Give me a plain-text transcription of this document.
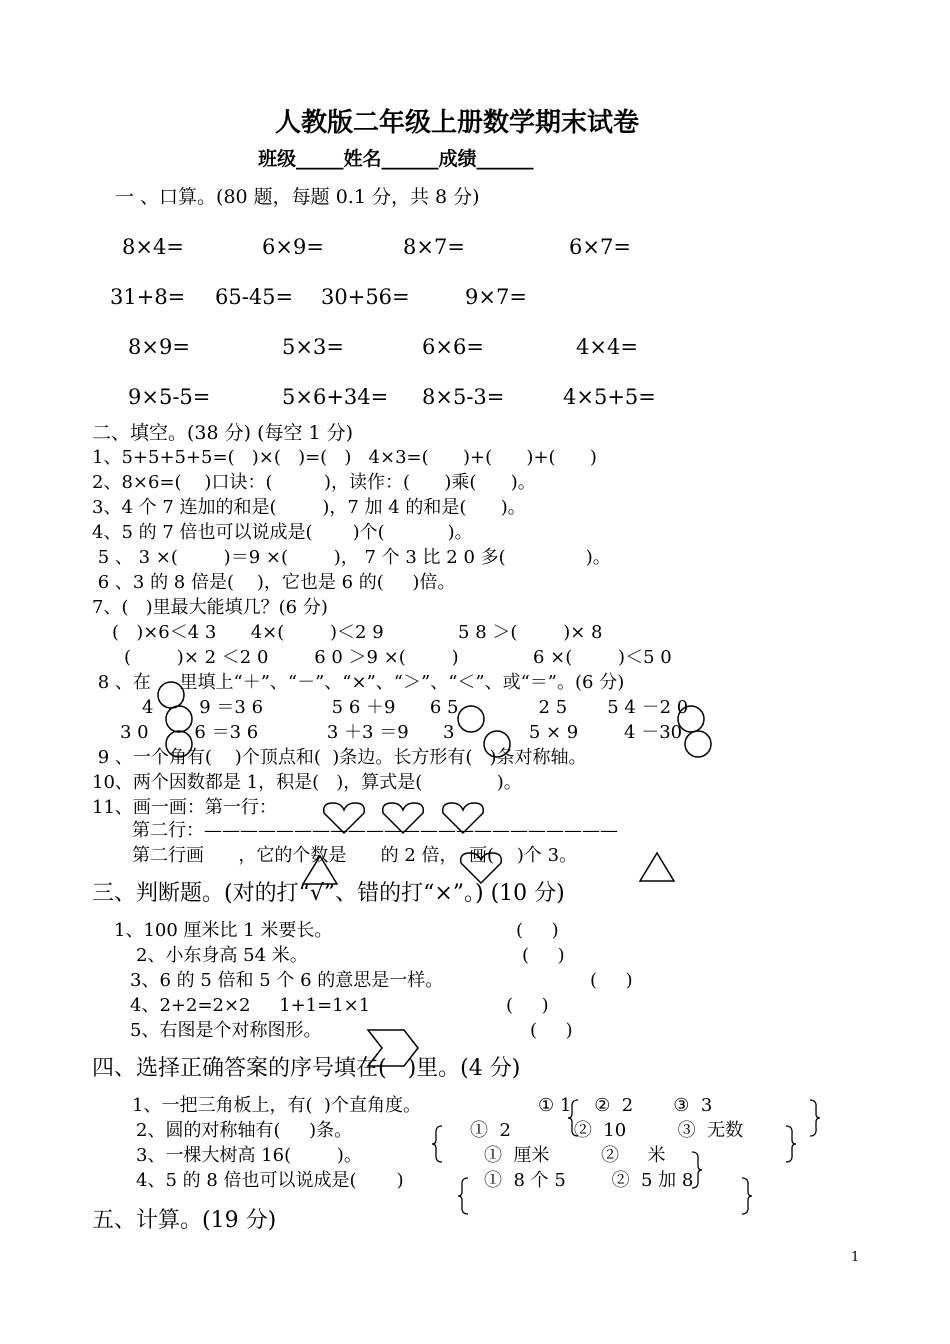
人教版二年级上册数学期末试卷
班级_____姓名______成绩______
一 、口算。(80 题，每题 0.1 分，共 8 分)
8×4=	6×9=	8×7=	6×7=
31+8= 65-45= 30+56=	9×7=
8×9=	5×3=	6×6=	4×4=
9×5-5=	5×6+34= 8×5-3=	4×5+5=
二、填空。(38 分) (每空 1 分)
1、5+5+5+5=(   )×(   )=(   )   4×3=(      )+(      )+(      )
2、8×6=(    )口诀：(         )，读作：(      )乘(      )。
3、4 个 7 连加的和是(        )，7 加 4 的和是(      )。
4、5 的 7 倍也可以说成是(       )个(           )。
5 、 3 ×(        )＝9 ×(        )， 7 个 3 比 2 0 多(              )。
6 、3 的 8 倍是(    )，它也是 6 的(     )倍。
7、(   )里最大能填几？(6 分)
(   )×6＜4 3      4×(        )＜2 9             5 8 ＞(        )× 8
(        )× 2 ＜2 0        6 0 ＞9 ×(        )             6 ×(        )＜5 0
8 、在     里填上“＋”、“－”、“×”、“＞”、“＜”、或“＝”。(6 分)
4        9 ＝3 6            5 6 ＋9      6 5              2 5       5 4 －2 0
3 0        6 ＝3 6            3 ＋3 ＝9      3             5 × 9        4 －30
9 、一个角有(    )个顶点和(  )条边。长方形有(   )条对称轴。
10、两个因数都是 1，积是(   )，算式是(             )。
11、画一画：第一行：
第二行：———————————————————————
第二行画      ，它的个数是      的 2 倍，  画(    )个 3。
三、判断题。(对的打“√”、错的打“×”。) (10 分)
1、100 厘米比 1 米要长。	(     )
2、小东身高 54 米。	(     )
3、6 的 5 倍和 5 个 6 的意思是一样。	(     )
4、2+2=2×2     1+1=1×1	(     )
5、右图是个对称图形。	(     )
四、选择正确答案的序号填在(   )里。(4 分)
1、一把三角板上，有(  )个直角度。	① 1    ②  2       ③  3
2、圆的对称轴有(     )条。	①  2           ②  10         ③  无数
3、一棵大树高 16(        )。	①  厘米         ②     米
4、5 的 8 倍也可以说成是(       )	①  8 个 5        ②  5 加 8
五、计算。(19 分)
1
